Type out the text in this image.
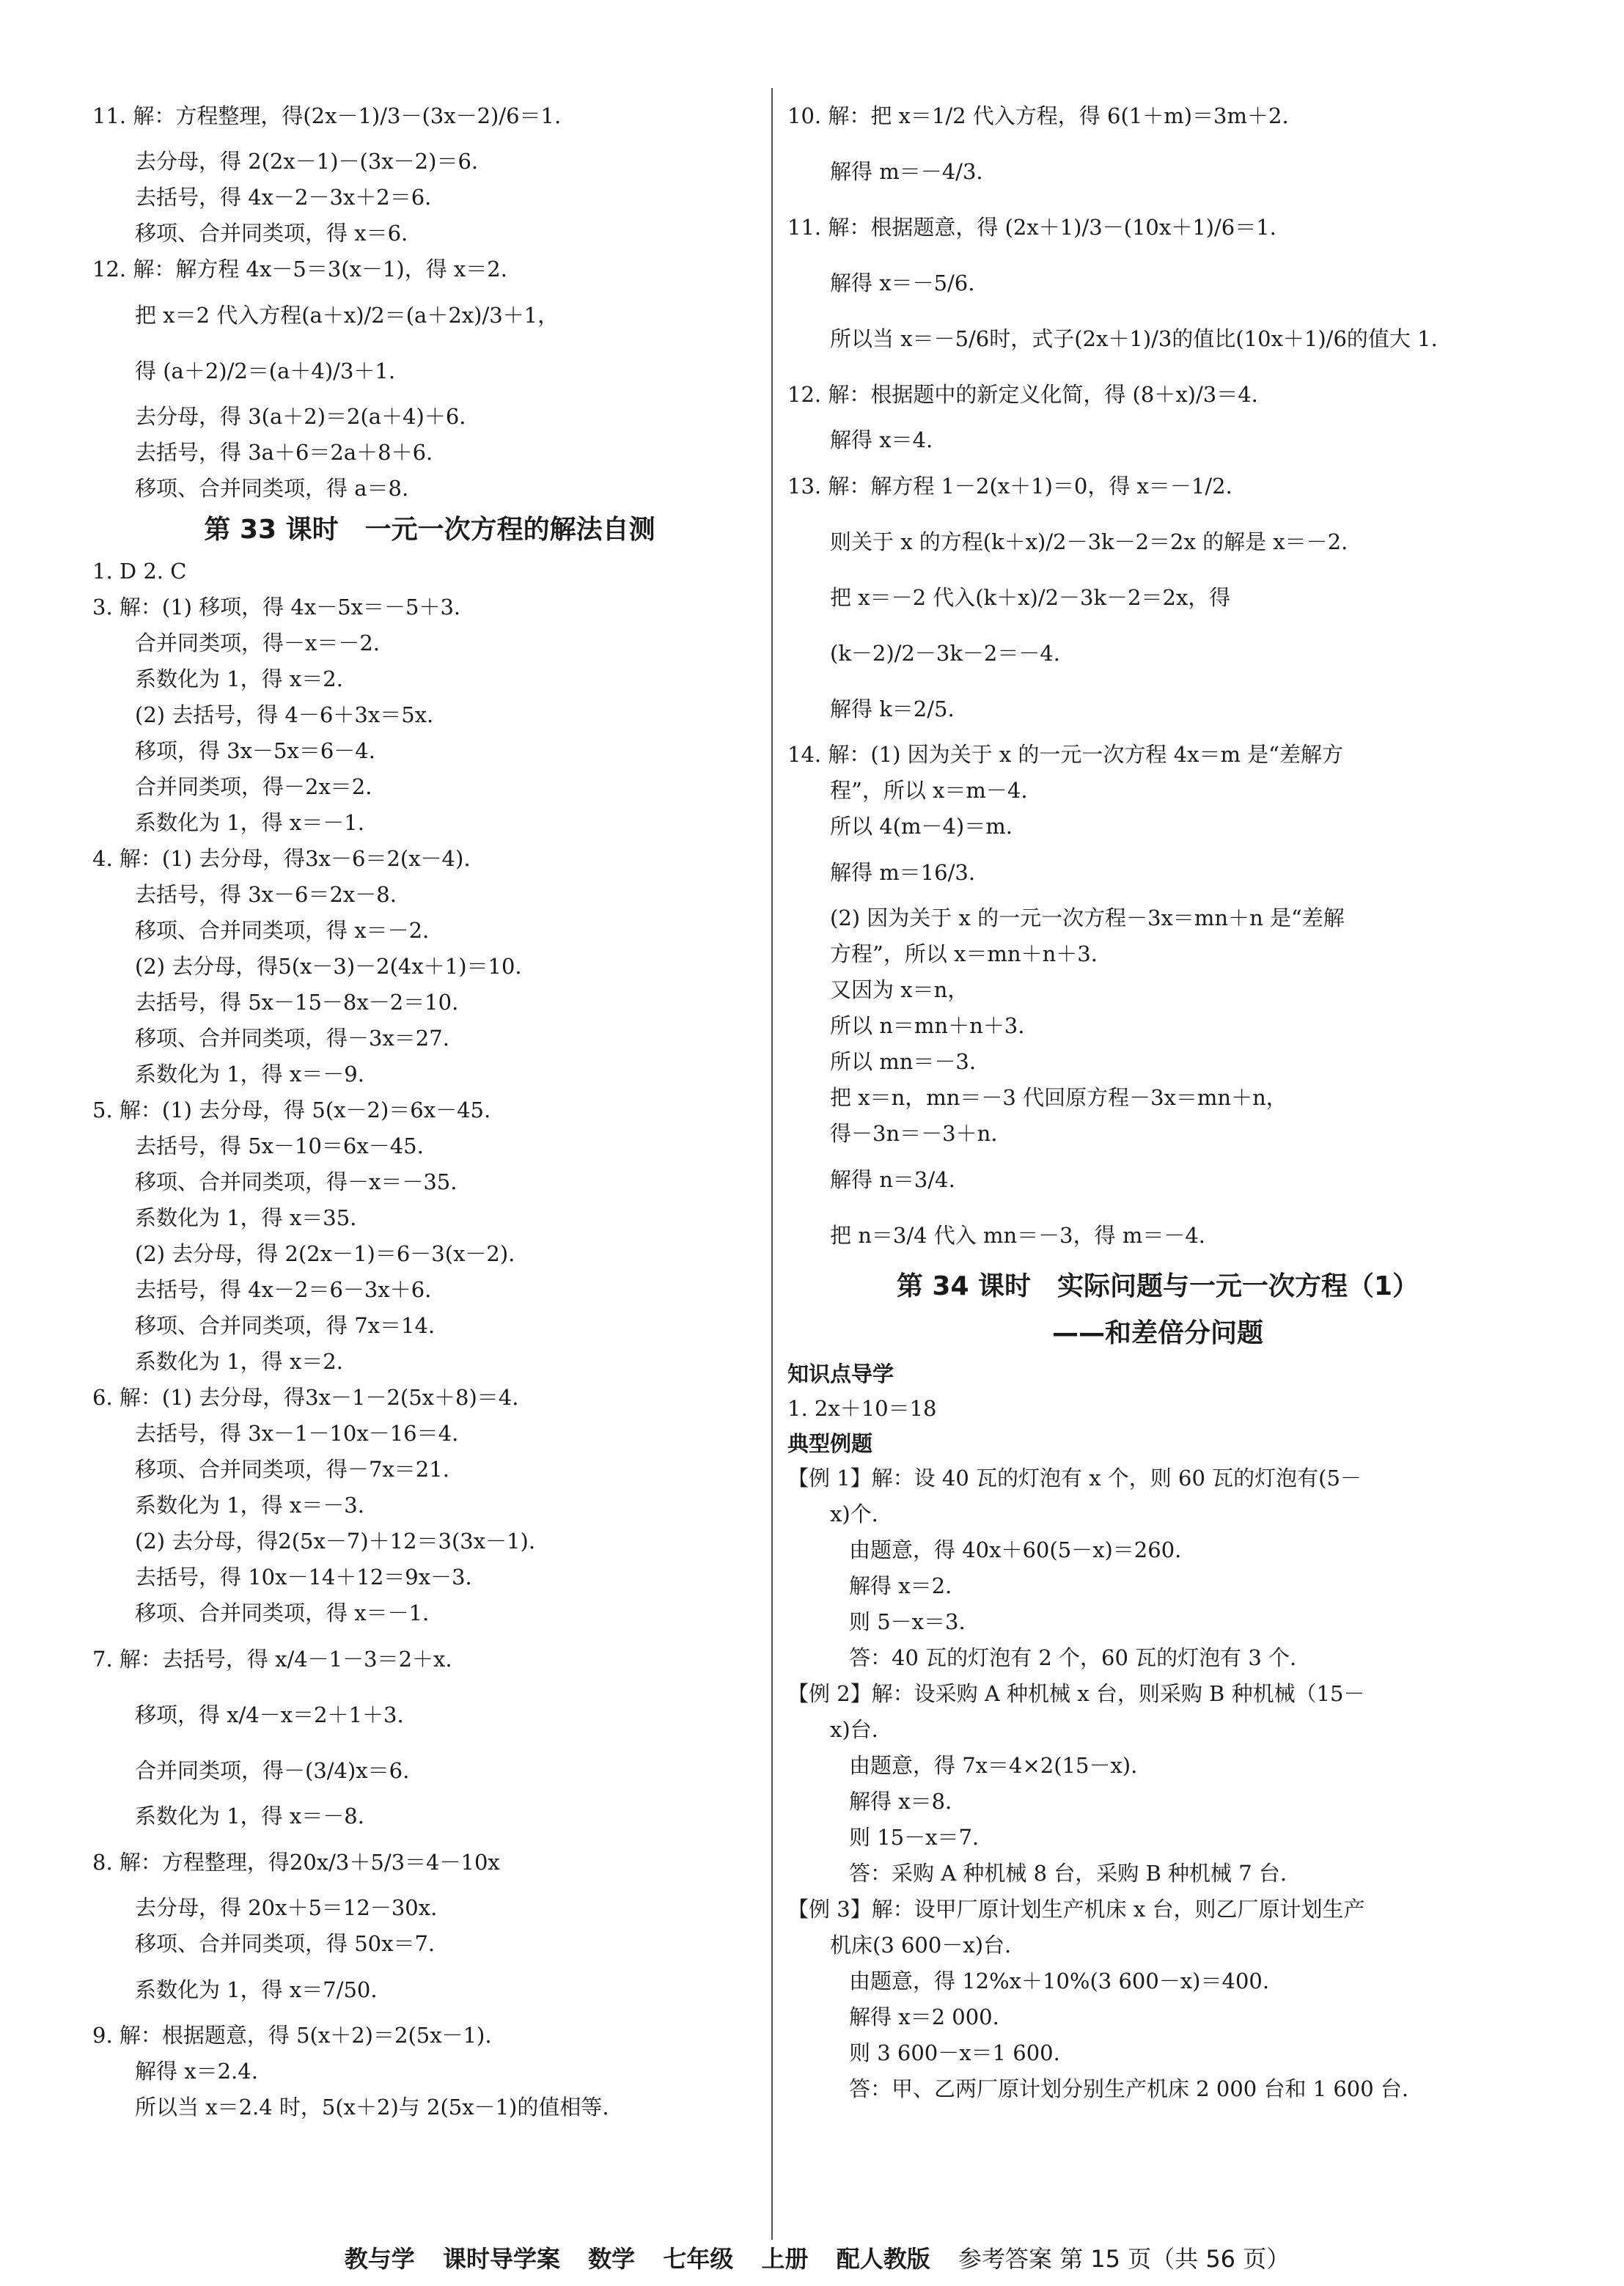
11. 解：方程整理，得(2x－1)/3－(3x－2)/6＝1.
去分母，得 2(2x－1)－(3x－2)＝6.
去括号，得 4x－2－3x＋2＝6.
移项、合并同类项，得 x＝6.
12. 解：解方程 4x－5＝3(x－1)，得 x＝2.
把 x＝2 代入方程(a＋x)/2＝(a＋2x)/3＋1，
得 (a＋2)/2＝(a＋4)/3＋1.
去分母，得 3(a＋2)＝2(a＋4)＋6.
去括号，得 3a＋6＝2a＋8＋6.
移项、合并同类项，得 a＝8.
第 33 课时　一元一次方程的解法自测
1. D 2. C
3. 解：(1) 移项，得 4x－5x＝－5＋3.
合并同类项，得－x＝－2.
系数化为 1，得 x＝2.
(2) 去括号，得 4－6＋3x＝5x.
移项，得 3x－5x＝6－4.
合并同类项，得－2x＝2.
系数化为 1，得 x＝－1.
4. 解：(1) 去分母，得3x－6＝2(x－4).
去括号，得 3x－6＝2x－8.
移项、合并同类项，得 x＝－2.
(2) 去分母，得5(x－3)－2(4x＋1)＝10.
去括号，得 5x－15－8x－2＝10.
移项、合并同类项，得－3x＝27.
系数化为 1，得 x＝－9.
5. 解：(1) 去分母，得 5(x－2)＝6x－45.
去括号，得 5x－10＝6x－45.
移项、合并同类项，得－x＝－35.
系数化为 1，得 x＝35.
(2) 去分母，得 2(2x－1)＝6－3(x－2).
去括号，得 4x－2＝6－3x＋6.
移项、合并同类项，得 7x＝14.
系数化为 1，得 x＝2.
6. 解：(1) 去分母，得3x－1－2(5x＋8)＝4.
去括号，得 3x－1－10x－16＝4.
移项、合并同类项，得－7x＝21.
系数化为 1，得 x＝－3.
(2) 去分母，得2(5x－7)＋12＝3(3x－1).
去括号，得 10x－14＋12＝9x－3.
移项、合并同类项，得 x＝－1.
7. 解：去括号，得 x/4－1－3＝2＋x.
移项，得 x/4－x＝2＋1＋3.
合并同类项，得－(3/4)x＝6.
系数化为 1，得 x＝－8.
8. 解：方程整理，得20x/3＋5/3＝4－10x
去分母，得 20x＋5＝12－30x.
移项、合并同类项，得 50x＝7.
系数化为 1，得 x＝7/50.
9. 解：根据题意，得 5(x＋2)＝2(5x－1).
解得 x＝2.4.
所以当 x＝2.4 时，5(x＋2)与 2(5x－1)的值相等.
10. 解：把 x＝1/2 代入方程，得 6(1＋m)＝3m＋2.
解得 m＝－4/3.
11. 解：根据题意，得 (2x＋1)/3－(10x＋1)/6＝1.
解得 x＝－5/6.
所以当 x＝－5/6时，式子(2x＋1)/3的值比(10x＋1)/6的值大 1.
12. 解：根据题中的新定义化简，得 (8＋x)/3＝4.
解得 x＝4.
13. 解：解方程 1－2(x＋1)＝0，得 x＝－1/2.
则关于 x 的方程(k＋x)/2－3k－2＝2x 的解是 x＝－2.
把 x＝－2 代入(k＋x)/2－3k－2＝2x，得
(k－2)/2－3k－2＝－4.
解得 k＝2/5.
14. 解：(1) 因为关于 x 的一元一次方程 4x＝m 是“差解方
程”，所以 x＝m－4.
所以 4(m－4)＝m.
解得 m＝16/3.
(2) 因为关于 x 的一元一次方程－3x＝mn＋n 是“差解
方程”，所以 x＝mn＋n＋3.
又因为 x＝n，
所以 n＝mn＋n＋3.
所以 mn＝－3.
把 x＝n，mn＝－3 代回原方程－3x＝mn＋n，
得－3n＝－3＋n.
解得 n＝3/4.
把 n＝3/4 代入 mn＝－3，得 m＝－4.
第 34 课时　实际问题与一元一次方程（1）
——和差倍分问题
知识点导学
1. 2x＋10＝18
典型例题
【例 1】解：设 40 瓦的灯泡有 x 个，则 60 瓦的灯泡有(5－
x)个.
由题意，得 40x＋60(5－x)＝260.
解得 x＝2.
则 5－x＝3.
答：40 瓦的灯泡有 2 个，60 瓦的灯泡有 3 个.
【例 2】解：设采购 A 种机械 x 台，则采购 B 种机械（15－
x)台.
由题意，得 7x＝4×2(15－x).
解得 x＝8.
则 15－x＝7.
答：采购 A 种机械 8 台，采购 B 种机械 7 台.
【例 3】解：设甲厂原计划生产机床 x 台，则乙厂原计划生产
机床(3 600－x)台.
由题意，得 12%x＋10%(3 600－x)＝400.
解得 x＝2 000.
则 3 600－x＝1 600.
答：甲、乙两厂原计划分别生产机床 2 000 台和 1 600 台.
教与学 课时导学案 数学 七年级 上册 配人教版 参考答案 第 15 页（共 56 页）
